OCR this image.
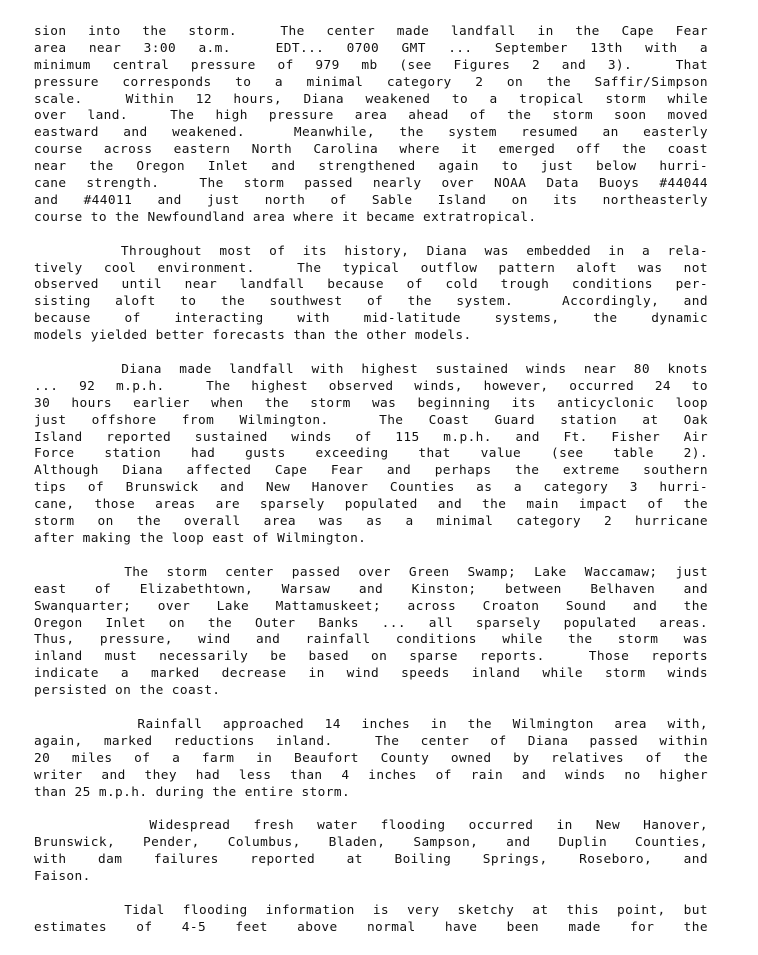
sion into the storm.  The center made landfall in the Cape Fear
area near 3:00 a.m.  EDT... 0700 GMT ... September 13th with a
minimum central pressure of 979 mb (see Figures 2 and 3).  That
pressure corresponds to a minimal category 2 on the Saffir/Simpson
scale.  Within 12 hours, Diana weakened to a tropical storm while
over land.  The high pressure area ahead of the storm soon moved
eastward and weakened.  Meanwhile, the system resumed an easterly
course across eastern North Carolina where it emerged off the coast
near the Oregon Inlet and strengthened again to just below hurri-
cane strength.  The storm passed nearly over NOAA Data Buoys #44044
and #44011 and just north of Sable Island on its northeasterly
course to the Newfoundland area where it became extratropical.
Throughout most of its history, Diana was embedded in a rela-
tively cool environment.  The typical outflow pattern aloft was not
observed until near landfall because of cold trough conditions per-
sisting aloft to the southwest of the system.  Accordingly, and
because of interacting with mid-latitude systems, the dynamic
models yielded better forecasts than the other models.
Diana made landfall with highest sustained winds near 80 knots
... 92 m.p.h.  The highest observed winds, however, occurred 24 to
30 hours earlier when the storm was beginning its anticyclonic loop
just offshore from Wilmington.  The Coast Guard station at Oak
Island reported sustained winds of 115 m.p.h. and Ft. Fisher Air
Force station had gusts exceeding that value (see table 2).
Although Diana affected Cape Fear and perhaps the extreme southern
tips of Brunswick and New Hanover Counties as a category 3 hurri-
cane, those areas are sparsely populated and the main impact of the
storm on the overall area was as a minimal category 2 hurricane
after making the loop east of Wilmington.
The storm center passed over Green Swamp; Lake Waccamaw; just
east of Elizabethtown, Warsaw and Kinston; between Belhaven and
Swanquarter; over Lake Mattamuskeet; across Croaton Sound and the
Oregon Inlet on the Outer Banks ... all sparsely populated areas.
Thus, pressure, wind and rainfall conditions while the storm was
inland must necessarily be based on sparse reports.  Those reports
indicate a marked decrease in wind speeds inland while storm winds
persisted on the coast.
Rainfall approached 14 inches in the Wilmington area with,
again, marked reductions inland.  The center of Diana passed within
20 miles of a farm in Beaufort County owned by relatives of the
writer and they had less than 4 inches of rain and winds no higher
than 25 m.p.h. during the entire storm.
Widespread fresh water flooding occurred in New Hanover,
Brunswick, Pender, Columbus, Bladen, Sampson, and Duplin Counties,
with dam failures reported at Boiling Springs, Roseboro, and
Faison.
Tidal flooding information is very sketchy at this point, but
estimates of 4-5 feet above normal have been made for the
